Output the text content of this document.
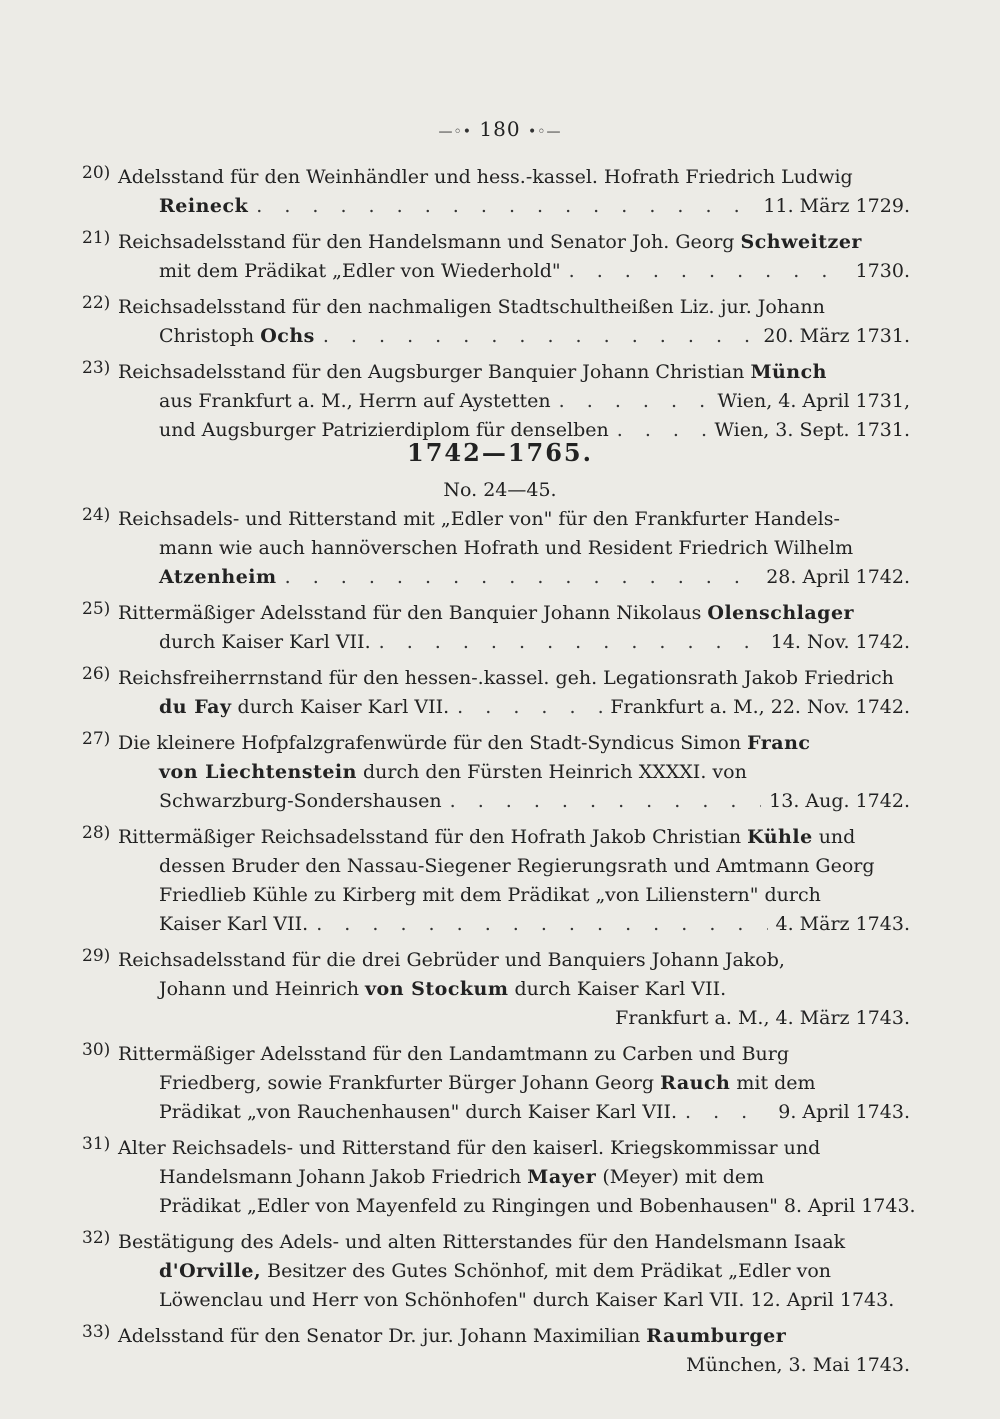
—◦• 180 •◦—
20) Adelsstand für den Weinhändler und hess.-kassel. Hofrath Friedrich Ludwig
Reineck . . .	11. März 1729.
21) Reichsadelsstand für den Handelsmann und Senator Joh. Georg Schweitzer
mit dem Prädikat „Edler von Wiederhold" . . .	1730.
22) Reichsadelsstand für den nachmaligen Stadtschultheißen Liz. jur. Johann
Christoph Ochs . . .	20. März 1731.
23) Reichsadelsstand für den Augsburger Banquier Johann Christian Münch
aus Frankfurt a. M., Herrn auf Aystetten . . .	Wien, 4. April 1731,
und Augsburger Patrizierdiplom für denselben . . .	Wien, 3. Sept. 1731.
1742—1765.
No. 24—45.
24) Reichsadels- und Ritterstand mit „Edler von" für den Frankfurter Handels-
mann wie auch hannöverschen Hofrath und Resident Friedrich Wilhelm
Atzenheim . . .	28. April 1742.
25) Rittermäßiger Adelsstand für den Banquier Johann Nikolaus Olenschlager
durch Kaiser Karl VII. . . .	14. Nov. 1742.
26) Reichsfreiherrnstand für den hessen-.kassel. geh. Legationsrath Jakob Friedrich
du Fay durch Kaiser Karl VII. . . .	Frankfurt a. M., 22. Nov. 1742.
27) Die kleinere Hofpfalzgrafenwürde für den Stadt-Syndicus Simon Franc
von Liechtenstein durch den Fürsten Heinrich XXXXI. von
Schwarzburg-Sondershausen . . .	13. Aug. 1742.
28) Rittermäßiger Reichsadelsstand für den Hofrath Jakob Christian Kühle und
dessen Bruder den Nassau-Siegener Regierungsrath und Amtmann Georg
Friedlieb Kühle zu Kirberg mit dem Prädikat „von Lilienstern" durch
Kaiser Karl VII. . . .	4. März 1743.
29) Reichsadelsstand für die drei Gebrüder und Banquiers Johann Jakob,
Johann und Heinrich von Stockum durch Kaiser Karl VII.
Frankfurt a. M., 4. März 1743.
30) Rittermäßiger Adelsstand für den Landamtmann zu Carben und Burg
Friedberg, sowie Frankfurter Bürger Johann Georg Rauch mit dem
Prädikat „von Rauchenhausen" durch Kaiser Karl VII. . . .	9. April 1743.
31) Alter Reichsadels- und Ritterstand für den kaiserl. Kriegskommissar und
Handelsmann Johann Jakob Friedrich Mayer (Meyer) mit dem
Prädikat „Edler von Mayenfeld zu Ringingen und Bobenhausen" 8. April 1743.
32) Bestätigung des Adels- und alten Ritterstandes für den Handelsmann Isaak
d'Orville, Besitzer des Gutes Schönhof, mit dem Prädikat „Edler von
Löwenclau und Herr von Schönhofen" durch Kaiser Karl VII. 12. April 1743.
33) Adelsstand für den Senator Dr. jur. Johann Maximilian Raumburger
München, 3. Mai 1743.
